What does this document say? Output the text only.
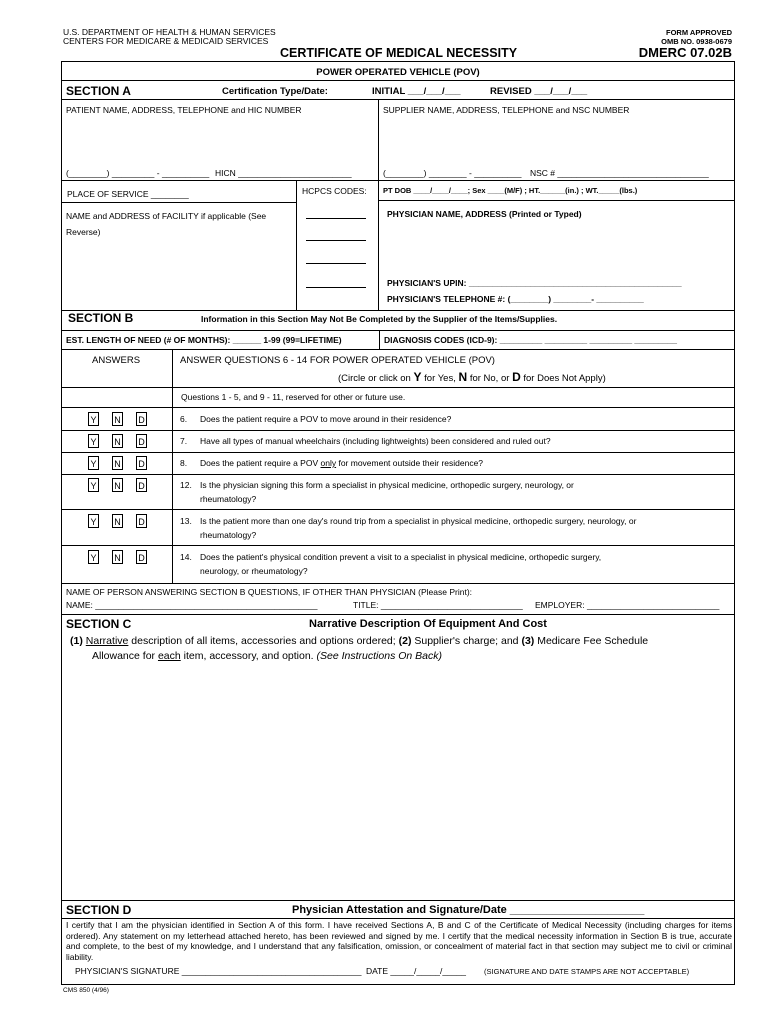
U.S. DEPARTMENT OF HEALTH & HUMAN SERVICES
CENTERS FOR MEDICARE & MEDICAID SERVICES
FORM APPROVED
OMB NO. 0938-0679
CERTIFICATE OF MEDICAL NECESSITY	DMERC 07.02B
POWER OPERATED VEHICLE (POV)
SECTION A	Certification Type/Date:	INITIAL ___/___/___	REVISED ___/___/___
PATIENT NAME, ADDRESS, TELEPHONE and HIC NUMBER	SUPPLIER NAME, ADDRESS, TELEPHONE and NSC NUMBER
(________) _________ - __________ HICN ________________________	(________) ________ - __________ NSC # ________________________________
PLACE OF SERVICE ________	HCPCS CODES: PT DOB ____/____/____; Sex ____(M/F) ; HT.______(in.) ; WT._____(lbs.)
NAME and ADDRESS of FACILITY if applicable (See Reverse)
PHYSICIAN NAME, ADDRESS (Printed or Typed)
PHYSICIAN'S UPIN: _____________________________________________
PHYSICIAN'S TELEPHONE #: (________) ________- __________
SECTION B	Information in this Section May Not Be Completed by the Supplier of the Items/Supplies.
EST. LENGTH OF NEED (# OF MONTHS): ______ 1-99 (99=LIFETIME)	DIAGNOSIS CODES (ICD-9): _________ _________ _________ _________
ANSWERS	ANSWER QUESTIONS 6 - 14 FOR POWER OPERATED VEHICLE (POV)
(Circle or click on Y for Yes, N for No, or D for Does Not Apply)
Questions 1 - 5, and 9 - 11, reserved for other or future use.
Y N D	6. Does the patient require a POV to move around in their residence?
Y N D	7. Have all types of manual wheelchairs (including lightweights) been considered and ruled out?
Y N D	8. Does the patient require a POV only for movement outside their residence?
Y N D	12. Is the physician signing this form a specialist in physical medicine, orthopedic surgery, neurology, or
rheumatology?
Y N D	13. Is the patient more than one day's round trip from a specialist in physical medicine, orthopedic surgery, neurology, or
rheumatology?
Y N D	14. Does the patient's physical condition prevent a visit to a specialist in physical medicine, orthopedic surgery,
neurology, or rheumatology?
NAME OF PERSON ANSWERING SECTION B QUESTIONS, IF OTHER THAN PHYSICIAN (Please Print):
NAME: _______________________________________________	TITLE: ______________________________ EMPLOYER: ____________________________
SECTION C	Narrative Description Of Equipment And Cost
(1) Narrative description of all items, accessories and options ordered; (2) Supplier's charge; and (3) Medicare Fee Schedule
Allowance for each item, accessory, and option. (See Instructions On Back)
SECTION D	Physician Attestation and Signature/Date ______________________
I certify that I am the physician identified in Section A of this form. I have received Sections A, B and C of the Certificate of Medical Necessity (including charges for items ordered). Any statement on my letterhead attached hereto, has been reviewed and signed by me. I certify that the medical necessity information in Section B is true, accurate and complete, to the best of my knowledge, and I understand that any falsification, omission, or concealment of material fact in that section may subject me to civil or criminal liability.
PHYSICIAN'S SIGNATURE ______________________________________ DATE _____/_____/_____ (SIGNATURE AND DATE STAMPS ARE NOT ACCEPTABLE)
CMS 850 (4/96)
